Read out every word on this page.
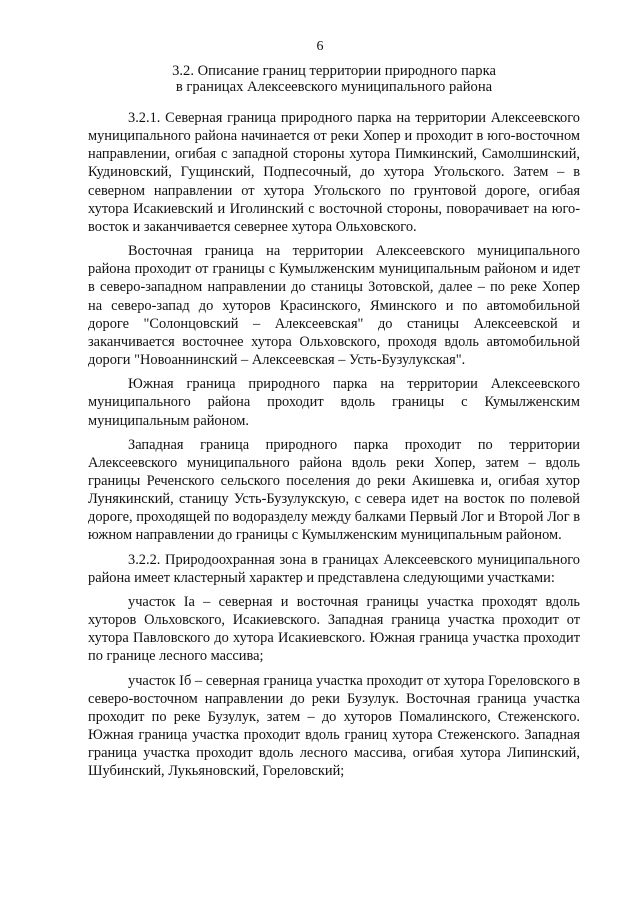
6
3.2. Описание границ территории природного парка
в границах Алексеевского муниципального района

3.2.1. Северная граница природного парка на территории Алексеевского муниципального района начинается от реки Хопер и проходит в юго-восточном направлении, огибая с западной стороны хутора Пимкинский, Самолшинский, Кудиновский, Гущинский, Подпесочный, до хутора Угольского. Затем – в северном направлении от хутора Угольского по грунтовой дороге, огибая хутора Исакиевский и Иголинский с восточной стороны, поворачивает на юго-восток и заканчивается севернее хутора Ольховского.

Восточная граница на территории Алексеевского муниципального района проходит от границы с Кумылженским муниципальным районом и идет в северо-западном направлении до станицы Зотовской, далее – по реке Хопер на северо-запад до хуторов Красинского, Яминского и по автомобильной дороге "Солонцовский – Алексеевская" до станицы Алексеевской и заканчивается восточнее хутора Ольховского, проходя вдоль автомобильной дороги "Новоаннинский – Алексеевская – Усть-Бузулукская".

Южная граница природного парка на территории Алексеевского муниципального района проходит вдоль границы с Кумылженским муниципальным районом.

Западная граница природного парка проходит по территории Алексеевского муниципального района вдоль реки Хопер, затем – вдоль границы Реченского сельского поселения до реки Акишевка и, огибая хутор Лунякинский, станицу Усть-Бузулукскую, с севера идет на восток по полевой дороге, проходящей по водоразделу между балками Первый Лог и Второй Лог в южном направлении до границы с Кумылженским муниципальным районом.

3.2.2. Природоохранная зона в границах Алексеевского муниципального района имеет кластерный характер и представлена следующими участками:

участок Iа – северная и восточная границы участка проходят вдоль хуторов Ольховского, Исакиевского. Западная граница участка проходит от хутора Павловского до хутора Исакиевского. Южная граница участка проходит по границе лесного массива;

участок Iб – северная граница участка проходит от хутора Гореловского в северо-восточном направлении до реки Бузулук. Восточная граница участка проходит по реке Бузулук, затем – до хуторов Помалинского, Стеженского. Южная граница участка проходит вдоль границ хутора Стеженского. Западная граница участка проходит вдоль лесного массива, огибая хутора Липинский, Шубинский, Лукьяновский, Гореловский;
